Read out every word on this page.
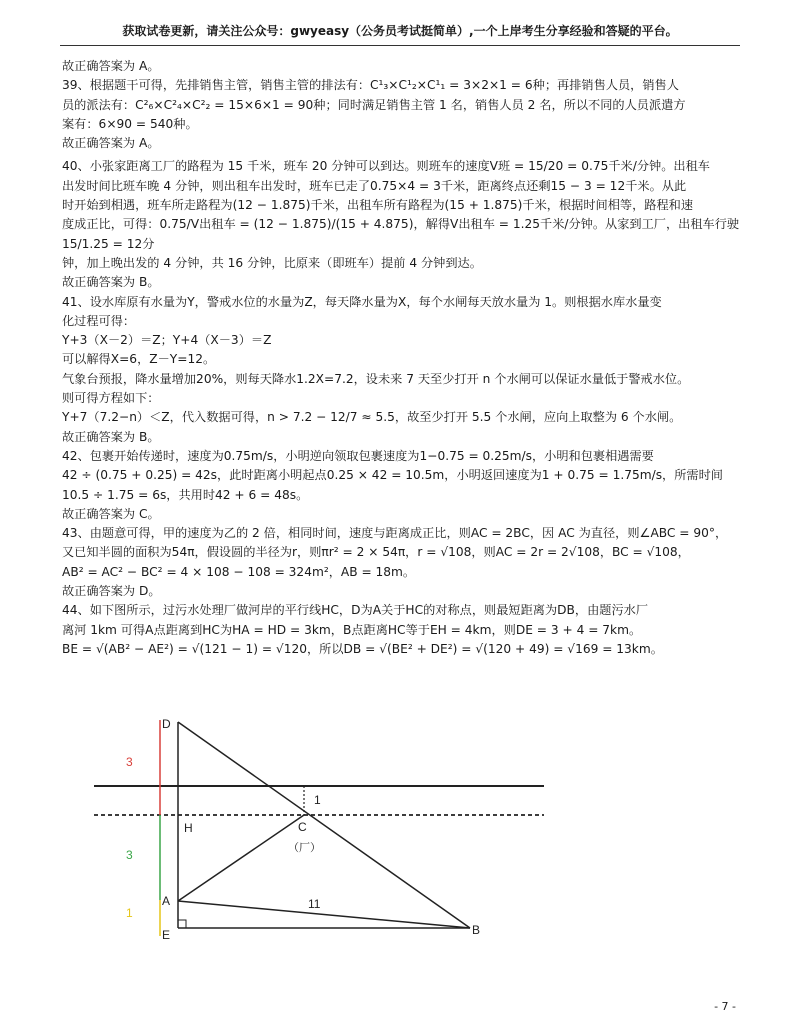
获取试卷更新，请关注公众号：gwyeasy（公务员考试挺简单）,一个上岸考生分享经验和答疑的平台。

故正确答案为 A。

39、根据题干可得，先排销售主管，销售主管的排法有：C¹₃×C¹₂×C¹₁ = 3×2×1 = 6种；再排销售人员，销售人

员的派法有：C²₆×C²₄×C²₂ = 15×6×1 = 90种；同时满足销售主管 1 名，销售人员 2 名，所以不同的人员派遣方

案有：6×90 = 540种。

故正确答案为 A。

40、小张家距离工厂的路程为 15 千米，班车 20 分钟可以到达。则班车的速度V班 = 15/20 = 0.75千米/分钟。出租车

出发时间比班车晚 4 分钟，则出租车出发时，班车已走了0.75×4 = 3千米，距离终点还剩15 − 3 = 12千米。从此

时开始到相遇，班车所走路程为(12 − 1.875)千米，出租车所有路程为(15 + 1.875)千米，根据时间相等，路程和速

度成正比，可得：0.75/V出租车 = (12 − 1.875)/(15 + 4.875)，解得V出租车 = 1.25千米/分钟。从家到工厂，出租车行驶15/1.25 = 12分

钟，加上晚出发的 4 分钟，共 16 分钟，比原来（即班车）提前 4 分钟到达。

故正确答案为 B。

41、设水库原有水量为Y，警戒水位的水量为Z，每天降水量为X，每个水闸每天放水量为 1。则根据水库水量变

化过程可得：

Y+3（X－2）＝Z；Y+4（X－3）＝Z

可以解得X=6，Z－Y=12。

气象台预报，降水量增加20%，则每天降水1.2X=7.2，设未来 7 天至少打开 n 个水闸可以保证水量低于警戒水位。

则可得方程如下：

Y+7（7.2−n）＜Z，代入数据可得，n > 7.2 − 12/7 ≈ 5.5，故至少打开 5.5 个水闸，应向上取整为 6 个水闸。

故正确答案为 B。

42、包裹开始传递时，速度为0.75m/s，小明逆向领取包裹速度为1−0.75 = 0.25m/s，小明和包裹相遇需要

42 ÷ (0.75 + 0.25) = 42s，此时距离小明起点0.25 × 42 = 10.5m，小明返回速度为1 + 0.75 = 1.75m/s，所需时间

10.5 ÷ 1.75 = 6s，共用时42 + 6 = 48s。

故正确答案为 C。

43、由题意可得，甲的速度为乙的 2 倍，相同时间，速度与距离成正比，则AC = 2BC，因 AC 为直径，则∠ABC = 90°，

又已知半圆的面积为54π，假设圆的半径为r，则πr² = 2 × 54π，r = √108，则AC = 2r = 2√108，BC = √108，

AB² = AC² − BC² = 4 × 108 − 108 = 324m²，AB = 18m。

故正确答案为 D。

44、如下图所示，过污水处理厂做河岸的平行线HC，D为A关于HC的对称点，则最短距离为DB，由题污水厂

离河 1km 可得A点距离到HC为HA = HD = 3km，B点距离HC等于EH = 4km，则DE = 3 + 4 = 7km。

BE = √(AB² − AE²) = √(121 − 1) = √120，所以DB = √(BE² + DE²) = √(120 + 49) = √169 = 13km。

D
H
A
E	B
C
（厂）
3
3
1
1
11
- 7 -
